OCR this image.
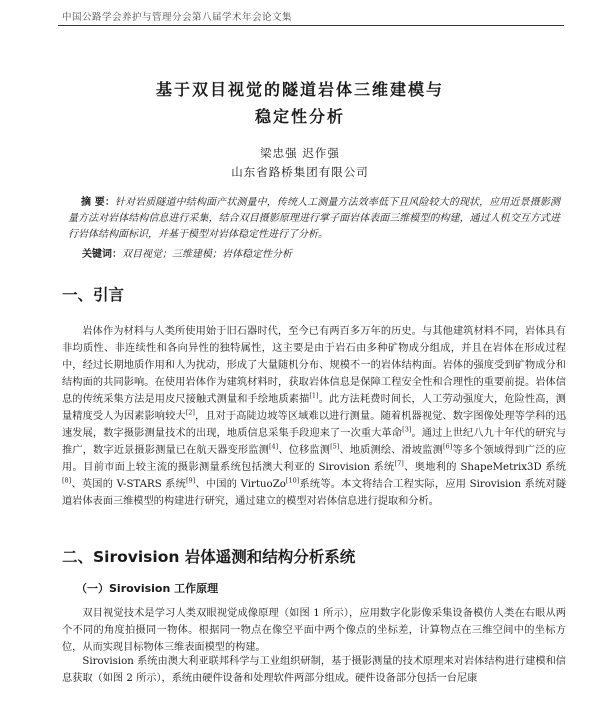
中国公路学会养护与管理分会第八届学术年会论文集
基于双目视觉的隧道岩体三维建模与
稳定性分析
梁忠强 迟作强
山东省路桥集团有限公司
摘 要：针对岩质隧道中结构面产状测量中，传统人工测量方法效率低下且风险较大的现状，应用近景摄影测量方法对岩体结构信息进行采集，结合双目摄影原理进行掌子面岩体表面三维模型的构建，通过人机交互方式进行岩体结构面标识，并基于模型对岩体稳定性进行了分析。
关键词：双目视觉；三维建模；岩体稳定性分析
一、引言
岩体作为材料与人类所使用始于旧石器时代，至今已有两百多万年的历史。与其他建筑材料不同，岩体具有非均质性、非连续性和各向异性的独特属性，这主要是由于岩石由多种矿物成分组成，并且在岩体在形成过程中，经过长期地质作用和人为扰动，形成了大量随机分布、规模不一的岩体结构面。岩体的强度受到矿物成分和结构面的共同影响。在使用岩体作为建筑材料时，获取岩体信息是保障工程安全性和合理性的重要前提。岩体信息的传统采集方法是用皮尺接触式测量和手绘地质素描[1]。此方法耗费时间长，人工劳动强度大，危险性高，测量精度受人为因素影响较大[2]，且对于高陡边坡等区域难以进行测量。随着机器视觉、数字图像处理等学科的迅速发展，数字摄影测量技术的出现，地质信息采集手段迎来了一次重大革命[3]。通过上世纪八九十年代的研究与推广，数字近景摄影测量已在航天器变形监测[4]、位移监测[5]、地质测绘、滑坡监测[6]等多个领域得到广泛的应用。目前市面上较主流的摄影测量系统包括澳大利亚的 Sirovision 系统[7]、奥地利的 ShapeMetrix3D 系统[8]、英国的 V-STARS 系统[9]、中国的 VirtuoZo[10]系统等。本文将结合工程实际，应用 Sirovision 系统对隧道岩体表面三维模型的构建进行研究，通过建立的模型对岩体信息进行提取和分析。
二、Sirovision 岩体遥测和结构分析系统
（一）Sirovision 工作原理
双目视觉技术是学习人类双眼视觉成像原理（如图 1 所示），应用数字化影像采集设备模仿人类在右眼从两个不同的角度拍摄同一物体。根据同一物点在像空平面中两个像点的坐标差，计算物点在三维空间中的坐标方位，从而实现目标物体三维表面模型的构建。
Sirovision 系统由澳大利亚联邦科学与工业组织研制，基于摄影测量的技术原理来对岩体结构进行建模和信息获取（如图 2 所示），系统由硬件设备和处理软件两部分组成。硬件设备部分包括一台尼康
